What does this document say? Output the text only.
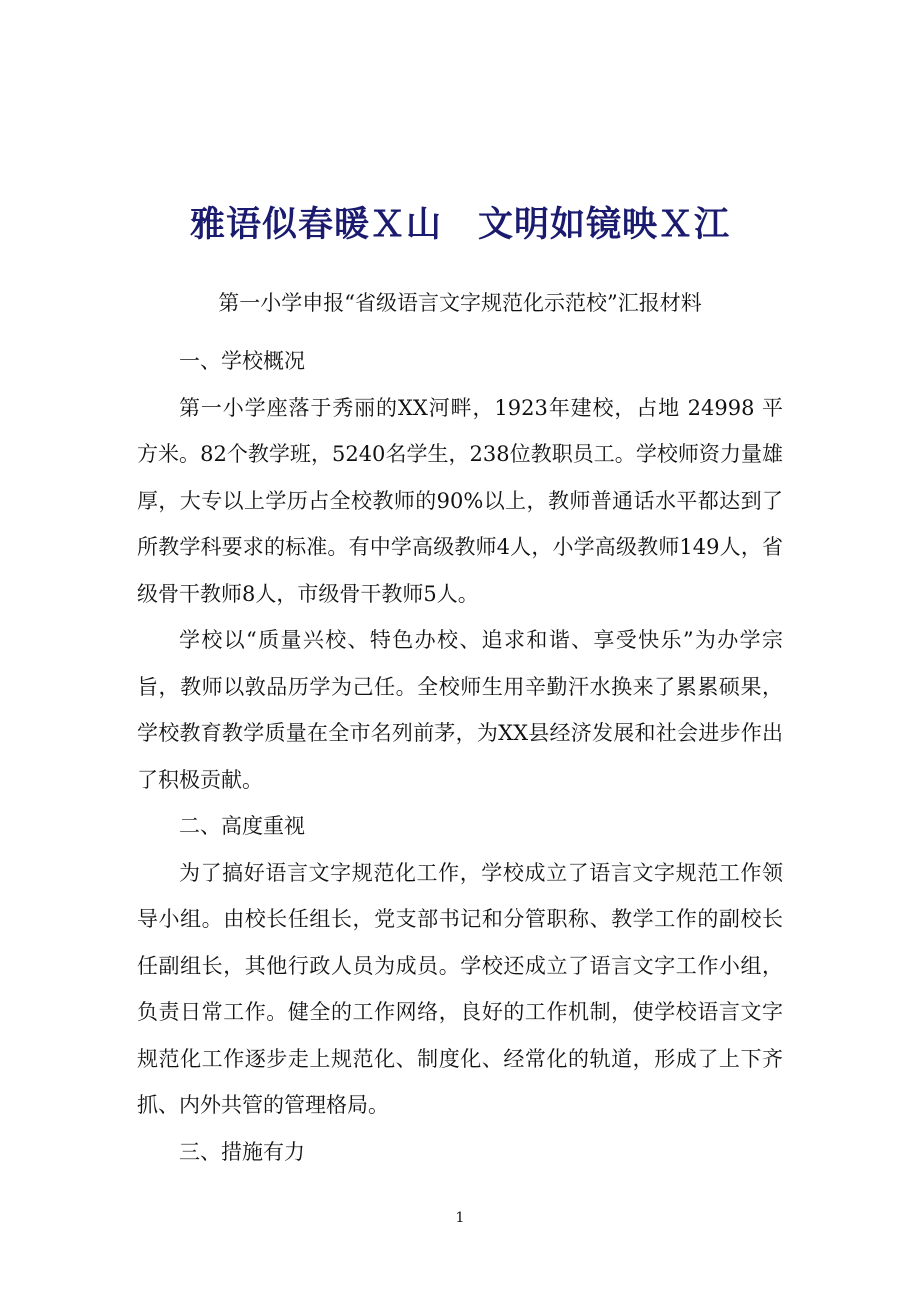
雅语似春暖Ｘ山　文明如镜映Ｘ江
第一小学申报“省级语言文字规范化示范校”汇报材料

一、学校概况

第一小学座落于秀丽的XX河畔，1923年建校，占地 24998 平方米。82个教学班，5240名学生，238位教职员工。学校师资力量雄厚，大专以上学历占全校教师的90%以上，教师普通话水平都达到了所教学科要求的标准。有中学高级教师4人，小学高级教师149人，省级骨干教师8人，市级骨干教师5人。

学校以“质量兴校、特色办校、追求和谐、享受快乐”为办学宗旨，教师以敦品历学为己任。全校师生用辛勤汗水换来了累累硕果，学校教育教学质量在全市名列前茅，为XX县经济发展和社会进步作出了积极贡献。

二、高度重视

为了搞好语言文字规范化工作，学校成立了语言文字规范工作领导小组。由校长任组长，党支部书记和分管职称、教学工作的副校长任副组长，其他行政人员为成员。学校还成立了语言文字工作小组，负责日常工作。健全的工作网络，良好的工作机制，使学校语言文字规范化工作逐步走上规范化、制度化、经常化的轨道，形成了上下齐抓、内外共管的管理格局。

三、措施有力

1
